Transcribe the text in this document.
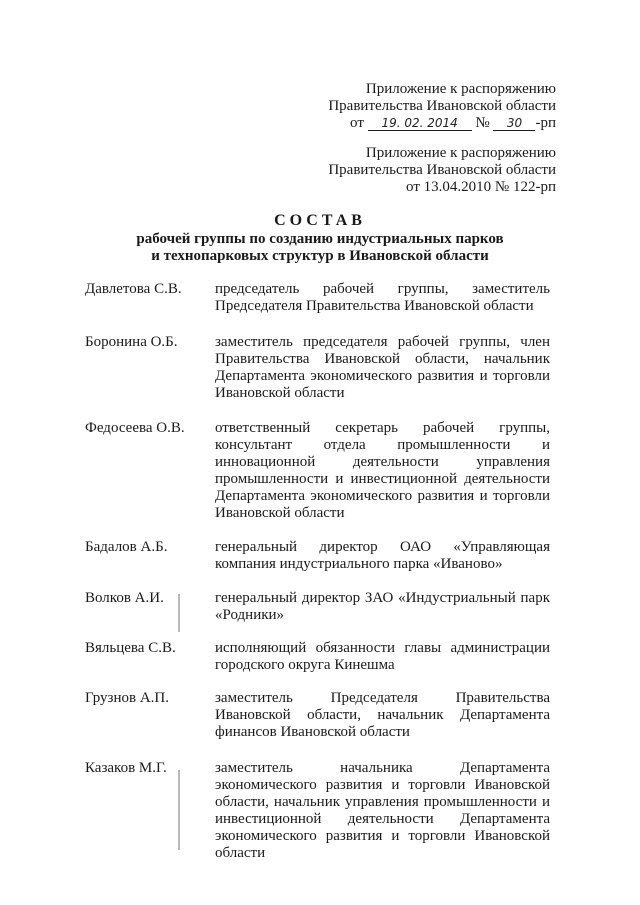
Приложение к распоряжению
Правительства Ивановской области
от 19. 02. 2014 № 30 -рп
Приложение к распоряжению
Правительства Ивановской области
от 13.04.2010 № 122-рп
СОСТАВ
рабочей группы по созданию индустриальных парков
и технопарковых структур в Ивановской области
Давлетова С.В. председатель рабочей группы, заместитель

Председателя Правительства Ивановской области

Боронина О.Б. заместитель председателя рабочей группы, член

Правительства Ивановской области, начальник

Департамента экономического развития и торговли

Ивановской области

Федосеева О.В. ответственный секретарь рабочей группы,

консультант отдела промышленности и

инновационной деятельности управления

промышленности и инвестиционной деятельности

Департамента экономического развития и торговли

Ивановской области

Бадалов А.Б.	генеральный директор ОАО «Управляющая

компания индустриального парка «Иваново»

Волков А.И.	генеральный директор ЗАО «Индустриальный парк

«Родники»

Вяльцева С.В.	исполняющий обязанности главы администрации

городского округа Кинешма

Грузнов А.П.	заместитель Председателя Правительства

Ивановской области, начальник Департамента

финансов Ивановской области

Казаков М.Г.	заместитель начальника Департамента

экономического развития и торговли Ивановской

области, начальник управления промышленности и

инвестиционной деятельности Департамента

экономического развития и торговли Ивановской

области
